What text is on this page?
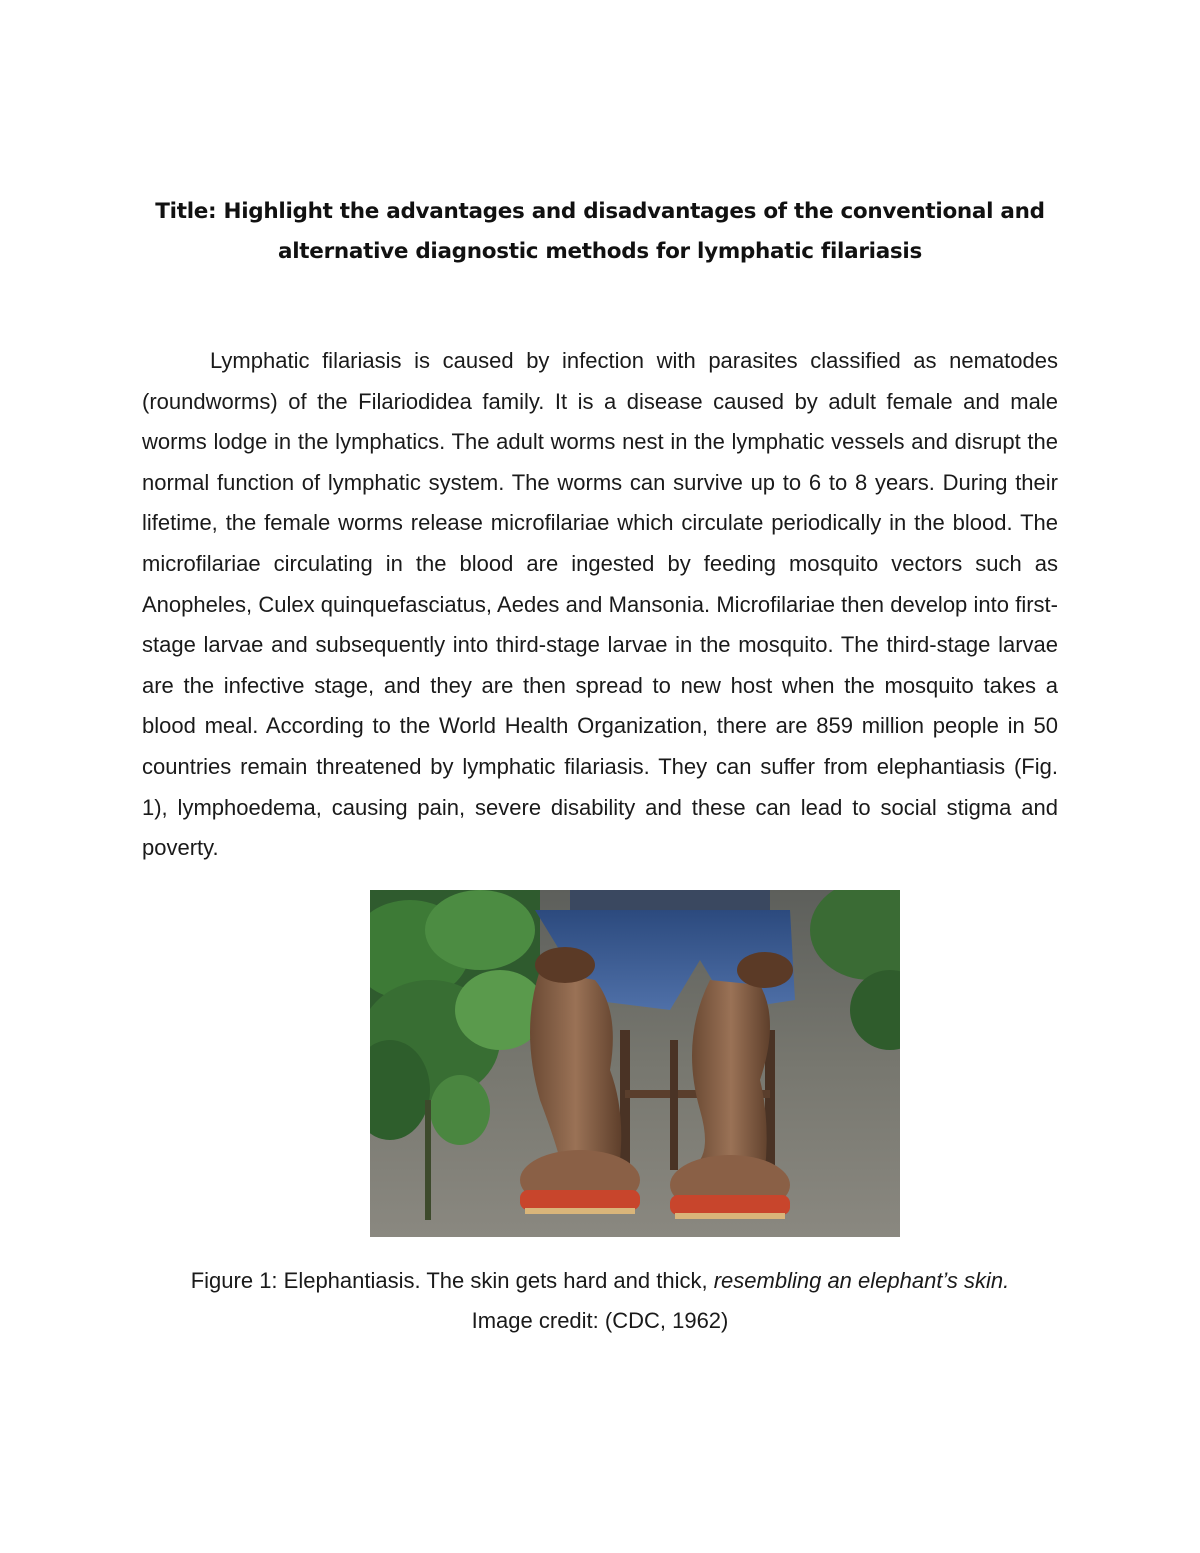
Title: Highlight the advantages and disadvantages of the conventional and
alternative diagnostic methods for lymphatic filariasis

Lymphatic filariasis is caused by infection with parasites classified as nematodes (roundworms) of the Filariodidea family. It is a disease caused by adult female and male worms lodge in the lymphatics. The adult worms nest in the lymphatic vessels and disrupt the normal function of lymphatic system. The worms can survive up to 6 to 8 years. During their lifetime, the female worms release microfilariae which circulate periodically in the blood. The microfilariae circulating in the blood are ingested by feeding mosquito vectors such as Anopheles, Culex quinquefasciatus, Aedes and Mansonia. Microfilariae then develop into first-stage larvae and subsequently into third-stage larvae in the mosquito. The third-stage larvae are the infective stage, and they are then spread to new host when the mosquito takes a blood meal. According to the World Health Organization, there are 859 million people in 50 countries remain threatened by lymphatic filariasis. They can suffer from elephantiasis (Fig. 1), lymphoedema, causing pain, severe disability and these can lead to social stigma and poverty.

Figure 1: Elephantiasis. The skin gets hard and thick, resembling an elephant’s skin.
Image credit: (CDC, 1962)
